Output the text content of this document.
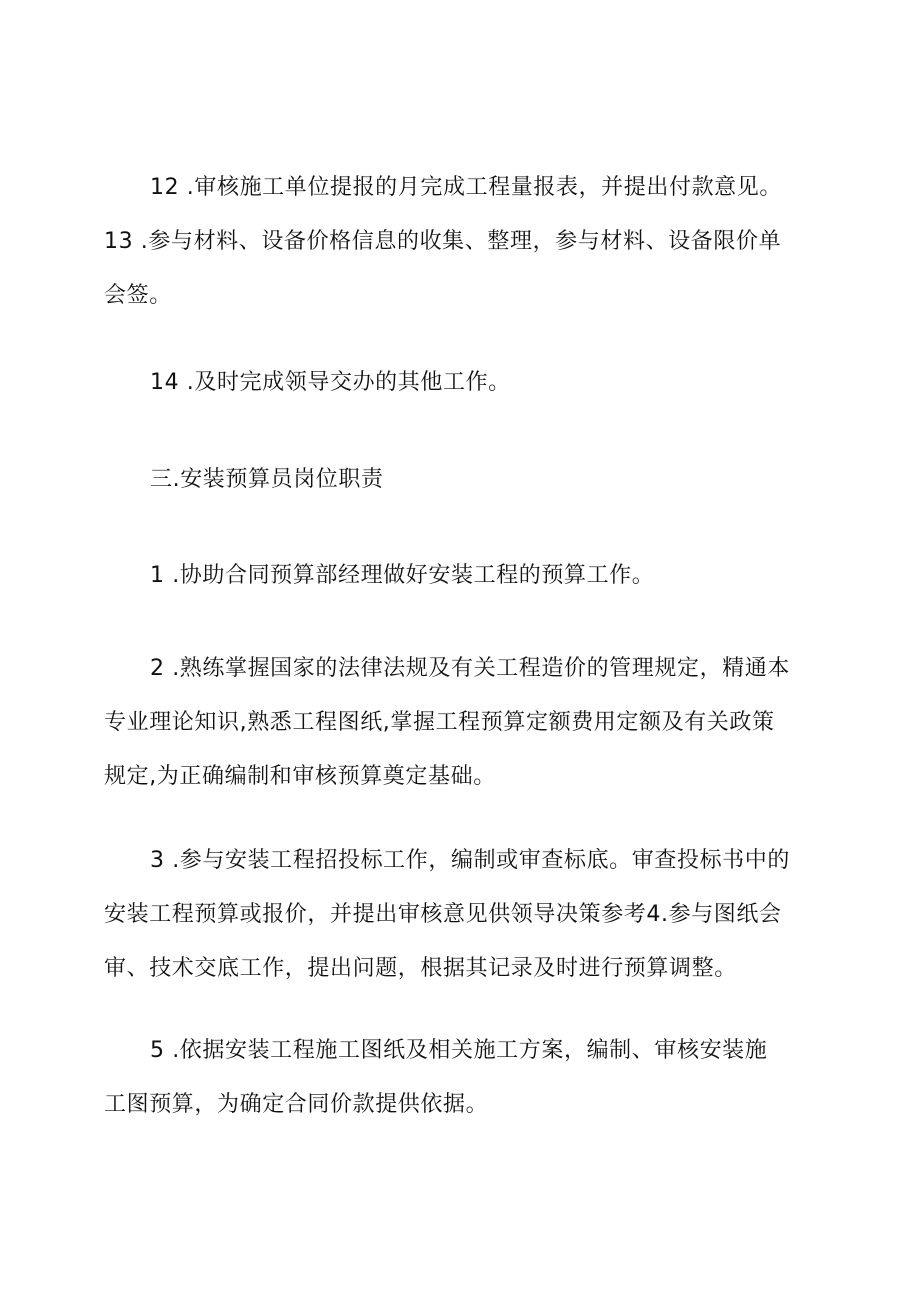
12 .审核施工单位提报的月完成工程量报表，并提出付款意见。
13 .参与材料、设备价格信息的收集、整理，参与材料、设备限价单
会签。
14 .及时完成领导交办的其他工作。
三.安装预算员岗位职责
1 .协助合同预算部经理做好安装工程的预算工作。
2 .熟练掌握国家的法律法规及有关工程造价的管理规定，精通本
专业理论知识,熟悉工程图纸,掌握工程预算定额费用定额及有关政策
规定,为正确编制和审核预算奠定基础。
3 .参与安装工程招投标工作，编制或审查标底。审查投标书中的
安装工程预算或报价，并提出审核意见供领导决策参考4.参与图纸会
审、技术交底工作，提出问题，根据其记录及时进行预算调整。
5 .依据安装工程施工图纸及相关施工方案，编制、审核安装施
工图预算，为确定合同价款提供依据。
